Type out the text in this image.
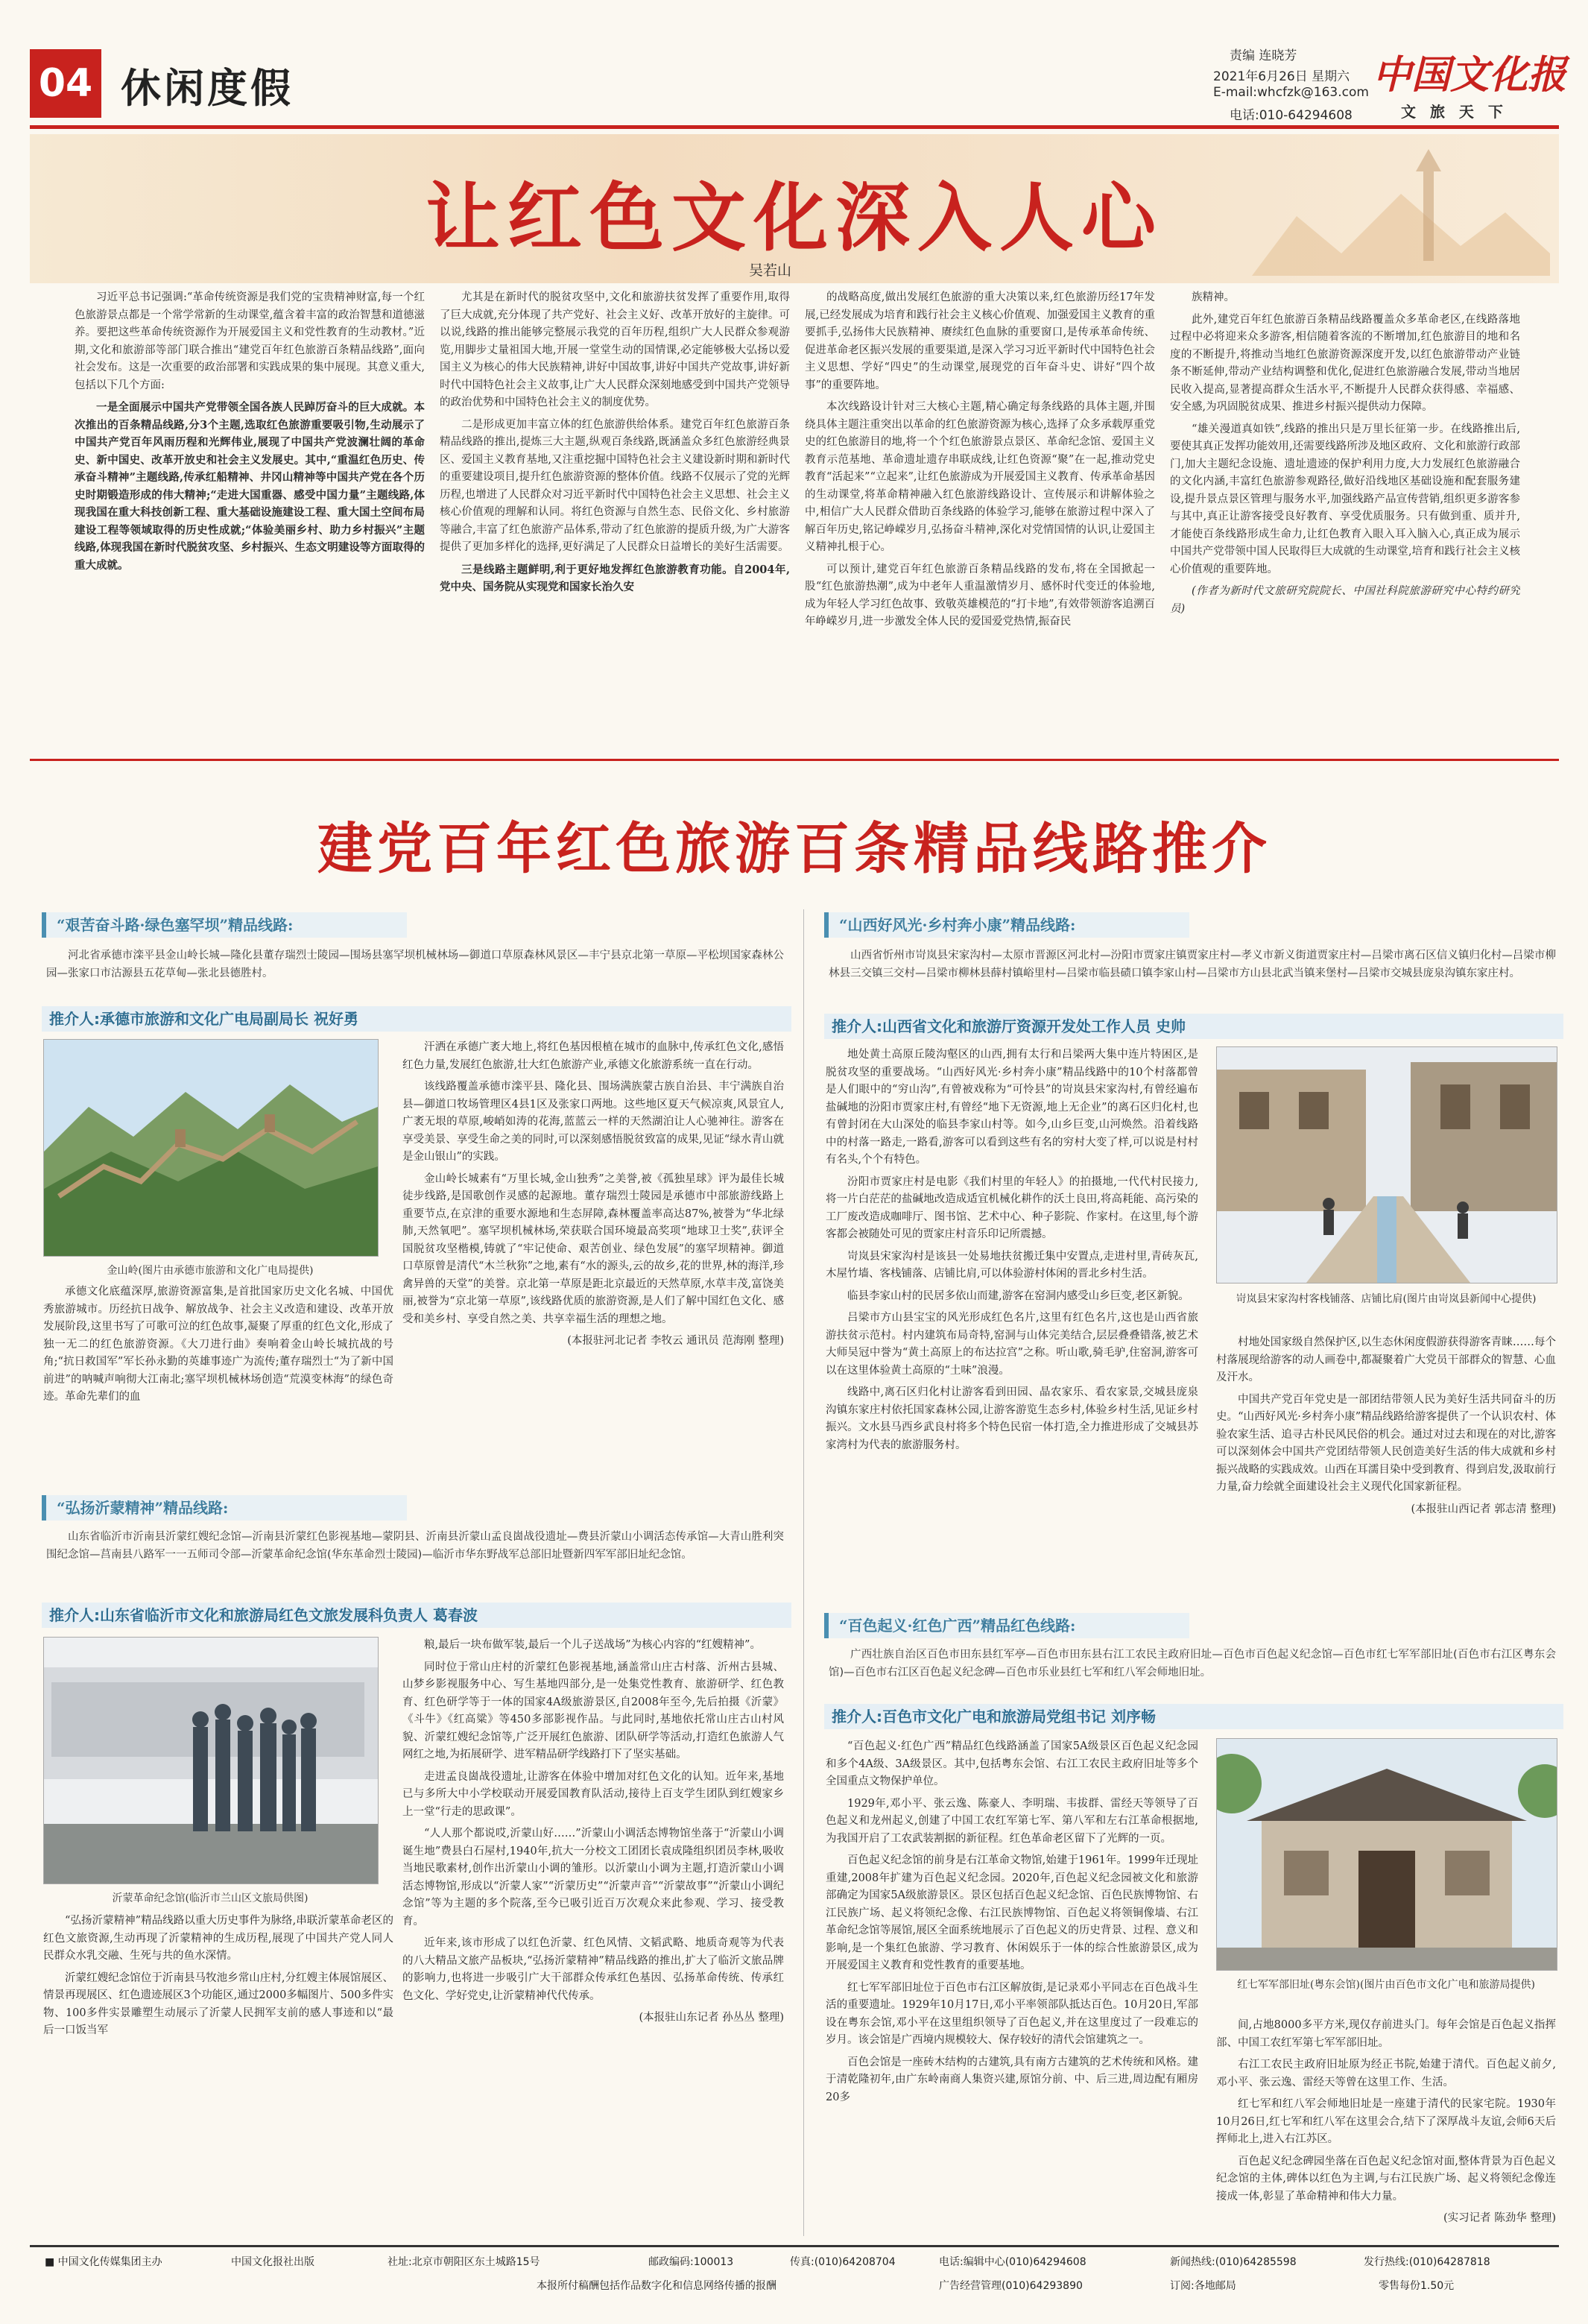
04 休闲度假
责编 连晓芳
2021年6月26日 星期六
E-mail:whcfzk@163.com
电话:010-64294608
中国文化报
文 旅 天 下
让红色文化深入人心
吴若山

习近平总书记强调:“革命传统资源是我们党的宝贵精神财富,每一个红色旅游景点都是一个常学常新的生动课堂,蕴含着丰富的政治智慧和道德滋养。要把这些革命传统资源作为开展爱国主义和党性教育的生动教材。”近期,文化和旅游部等部门联合推出“建党百年红色旅游百条精品线路”,面向社会发布。这是一次重要的政治部署和实践成果的集中展现。其意义重大,包括以下几个方面:

一是全面展示中国共产党带领全国各族人民踔厉奋斗的巨大成就。本次推出的百条精品线路,分3个主题,选取红色旅游重要吸引物,生动展示了中国共产党百年风雨历程和光辉伟业,展现了中国共产党波澜壮阔的革命史、新中国史、改革开放史和社会主义发展史。其中,“重温红色历史、传承奋斗精神”主题线路,传承红船精神、井冈山精神等中国共产党在各个历史时期锻造形成的伟大精神;“走进大国重器、感受中国力量”主题线路,体现我国在重大科技创新工程、重大基础设施建设工程、重大国土空间布局建设工程等领域取得的历史性成就;“体验美丽乡村、助力乡村振兴”主题线路,体现我国在新时代脱贫攻坚、乡村振兴、生态文明建设等方面取得的重大成就。

尤其是在新时代的脱贫攻坚中,文化和旅游扶贫发挥了重要作用,取得了巨大成就,充分体现了共产党好、社会主义好、改革开放好的主旋律。可以说,线路的推出能够完整展示我党的百年历程,组织广大人民群众参观游览,用脚步丈量祖国大地,开展一堂堂生动的国情课,必定能够极大弘扬以爱国主义为核心的伟大民族精神,讲好中国故事,讲好中国共产党故事,讲好新时代中国特色社会主义故事,让广大人民群众深刻地感受到中国共产党领导的政治优势和中国特色社会主义的制度优势。

二是形成更加丰富立体的红色旅游供给体系。建党百年红色旅游百条精品线路的推出,提炼三大主题,纵观百条线路,既涵盖众多红色旅游经典景区、爱国主义教育基地,又注重挖掘中国特色社会主义建设新时期和新时代的重要建设项目,提升红色旅游资源的整体价值。线路不仅展示了党的光辉历程,也增进了人民群众对习近平新时代中国特色社会主义思想、社会主义核心价值观的理解和认同。将红色资源与自然生态、民俗文化、乡村旅游等融合,丰富了红色旅游产品体系,带动了红色旅游的提质升级,为广大游客提供了更加多样化的选择,更好满足了人民群众日益增长的美好生活需要。

三是线路主题鲜明,利于更好地发挥红色旅游教育功能。自2004年,党中央、国务院从实现党和国家长治久安

的战略高度,做出发展红色旅游的重大决策以来,红色旅游历经17年发展,已经发展成为培育和践行社会主义核心价值观、加强爱国主义教育的重要抓手,弘扬伟大民族精神、赓续红色血脉的重要窗口,是传承革命传统、促进革命老区振兴发展的重要渠道,是深入学习习近平新时代中国特色社会主义思想、学好“四史”的生动课堂,展现党的百年奋斗史、讲好“四个故事”的重要阵地。

本次线路设计针对三大核心主题,精心确定每条线路的具体主题,并围绕具体主题注重突出以革命的红色旅游资源为核心,选择了众多承载厚重党史的红色旅游目的地,将一个个红色旅游景点景区、革命纪念馆、爱国主义教育示范基地、革命遗址遗存串联成线,让红色资源“聚”在一起,推动党史教育“活起来”“立起来”,让红色旅游成为开展爱国主义教育、传承革命基因的生动课堂,将革命精神融入红色旅游线路设计、宣传展示和讲解体验之中,相信广大人民群众借助百条线路的体验学习,能够在旅游过程中深入了解百年历史,铭记峥嵘岁月,弘扬奋斗精神,深化对党情国情的认识,让爱国主义精神扎根于心。

可以预计,建党百年红色旅游百条精品线路的发布,将在全国掀起一股“红色旅游热潮”,成为中老年人重温激情岁月、感怀时代变迁的体验地,成为年轻人学习红色故事、致敬英雄模范的“打卡地”,有效带领游客追溯百年峥嵘岁月,进一步激发全体人民的爱国爱党热情,振奋民

族精神。

此外,建党百年红色旅游百条精品线路覆盖众多革命老区,在线路落地过程中必将迎来众多游客,相信随着客流的不断增加,红色旅游目的地和名度的不断提升,将推动当地红色旅游资源深度开发,以红色旅游带动产业链条不断延伸,带动产业结构调整和优化,促进红色旅游融合发展,带动当地居民收入提高,显著提高群众生活水平,不断提升人民群众获得感、幸福感、安全感,为巩固脱贫成果、推进乡村振兴提供动力保障。

“雄关漫道真如铁”,线路的推出只是万里长征第一步。在线路推出后,要使其真正发挥功能效用,还需要线路所涉及地区政府、文化和旅游行政部门,加大主题纪念设施、遗址遗迹的保护利用力度,大力发展红色旅游融合的文化内涵,丰富红色旅游参观路径,做好沿线地区基础设施和配套服务建设,提升景点景区管理与服务水平,加强线路产品宣传营销,组织更多游客参与其中,真正让游客接受良好教育、享受优质服务。只有做到重、质并升,才能使百条线路形成生命力,让红色教育入眼入耳入脑入心,真正成为展示中国共产党带领中国人民取得巨大成就的生动课堂,培育和践行社会主义核心价值观的重要阵地。

(作者为新时代文旅研究院院长、中国社科院旅游研究中心特约研究员)

建党百年红色旅游百条精品线路推介
“艰苦奋斗路·绿色塞罕坝”精品线路:
河北省承德市滦平县金山岭长城—隆化县董存瑞烈士陵园—围场县塞罕坝机械林场—御道口草原森林风景区—丰宁县京北第一草原—平松坝国家森林公园—张家口市沽源县五花草甸—张北县德胜村。
推介人:承德市旅游和文化广电局副局长 祝好勇
金山岭(图片由承德市旅游和文化广电局提供)

承德文化底蕴深厚,旅游资源富集,是首批国家历史文化名城、中国优秀旅游城市。历经抗日战争、解放战争、社会主义改造和建设、改革开放发展阶段,这里书写了可歌可泣的红色故事,凝聚了厚重的红色文化,形成了独一无二的红色旅游资源。《大刀进行曲》奏响着金山岭长城抗战的号角;“抗日救国军”军长孙永勤的英雄事迹广为流传;董存瑞烈士“为了新中国前进”的呐喊声响彻大江南北;塞罕坝机械林场创造“荒漠变林海”的绿色奇迹。革命先辈们的血

汗洒在承德广袤大地上,将红色基因根植在城市的血脉中,传承红色文化,感悟红色力量,发展红色旅游,壮大红色旅游产业,承德文化旅游系统一直在行动。

该线路覆盖承德市滦平县、隆化县、围场满族蒙古族自治县、丰宁满族自治县—御道口牧场管理区4县1区及张家口两地。这些地区夏天气候凉爽,风景宜人,广袤无垠的草原,峻峭如涛的花海,蓝蓝云一样的天然湖泊让人心驰神往。游客在享受美景、享受生命之美的同时,可以深刻感悟脱贫致富的成果,见证“绿水青山就是金山银山”的实践。

金山岭长城素有“万里长城,金山独秀”之美誉,被《孤独星球》评为最佳长城徒步线路,是国歌创作灵感的起源地。董存瑞烈士陵园是承德市中部旅游线路上重要节点,在京津的重要水源地和生态屏障,森林覆盖率高达87%,被誉为“华北绿肺,天然氧吧”。塞罕坝机械林场,荣获联合国环境最高奖项“地球卫士奖”,获评全国脱贫攻坚楷模,铸就了“牢记使命、艰苦创业、绿色发展”的塞罕坝精神。御道口草原曾是清代“木兰秋狝”之地,素有“水的源头,云的故乡,花的世界,林的海洋,珍禽异兽的天堂”的美誉。京北第一草原是距北京最近的天然草原,水草丰茂,富饶美丽,被誉为“京北第一草原”,该线路优质的旅游资源,是人们了解中国红色文化、感受和美乡村、享受自然之美、共享幸福生活的理想之地。

(本报驻河北记者 李牧云 通讯员 范海刚 整理)

“弘扬沂蒙精神”精品线路:
山东省临沂市沂南县沂蒙红嫂纪念馆—沂南县沂蒙红色影视基地—蒙阴县、沂南县沂蒙山孟良崮战役遗址—费县沂蒙山小调活态传承馆—大青山胜利突围纪念馆—莒南县八路军一一五师司令部—沂蒙革命纪念馆(华东革命烈士陵园)—临沂市华东野战军总部旧址暨新四军军部旧址纪念馆。
推介人:山东省临沂市文化和旅游局红色文旅发展科负责人 葛春波
沂蒙革命纪念馆(临沂市兰山区文旅局供图)

“弘扬沂蒙精神”精品线路以重大历史事件为脉络,串联沂蒙革命老区的红色文旅资源,生动再现了沂蒙精神的生成历程,展现了中国共产党人同人民群众水乳交融、生死与共的鱼水深情。

沂蒙红嫂纪念馆位于沂南县马牧池乡常山庄村,分红嫂主体展馆展区、情景再现展区、红色遗迹展区3个功能区,通过2000多幅图片、500多件实物、100多件实景雕塑生动展示了沂蒙人民拥军支前的感人事迹和以“最后一口饭当军

粮,最后一块布做军装,最后一个儿子送战场”为核心内容的“红嫂精神”。

同时位于常山庄村的沂蒙红色影视基地,涵盖常山庄古村落、沂州古县城、山梦乡影视服务中心、写生基地四部分,是一处集党性教育、旅游研学、红色教育、红色研学等于一体的国家4A级旅游景区,自2008年至今,先后拍摄《沂蒙》《斗牛》《红高粱》等450多部影视作品。与此同时,基地依托常山庄古山村风貌、沂蒙红嫂纪念馆等,广泛开展红色旅游、团队研学等活动,打造红色旅游人气网红之地,为拓展研学、进军精品研学线路打下了坚实基础。

走进孟良崮战役遗址,让游客在体验中增加对红色文化的认知。近年来,基地已与多所大中小学校联动开展爱国教育队活动,接待上百支学生团队到红嫂家乡上一堂“行走的思政课”。

“人人那个都说哎,沂蒙山好……”沂蒙山小调活态博物馆坐落于“沂蒙山小调诞生地”费县白石屋村,1940年,抗大一分校文工团团长袁成隆组织团员李林,吸收当地民歌素材,创作出沂蒙山小调的雏形。以沂蒙山小调为主题,打造沂蒙山小调活态博物馆,形成以“沂蒙人家”“沂蒙历史”“沂蒙声音”“沂蒙故事”“沂蒙山小调纪念馆”等为主题的多个院落,至今已吸引近百万次观众来此参观、学习、接受教育。

近年来,该市形成了以红色沂蒙、红色风情、文韬武略、地质奇观等为代表的八大精品文旅产品板块,“弘扬沂蒙精神”精品线路的推出,扩大了临沂文旅品牌的影响力,也将进一步吸引广大干部群众传承红色基因、弘扬革命传统、传承红色文化、学好党史,让沂蒙精神代代传承。

(本报驻山东记者 孙丛丛 整理)

“山西好风光·乡村奔小康”精品线路:
山西省忻州市岢岚县宋家沟村—太原市晋源区河北村—汾阳市贾家庄镇贾家庄村—孝义市新义街道贾家庄村—吕梁市离石区信义镇归化村—吕梁市柳林县三交镇三交村—吕梁市柳林县薛村镇峪里村—吕梁市临县碛口镇李家山村—吕梁市方山县北武当镇来堡村—吕梁市交城县庞泉沟镇东家庄村。
推介人:山西省文化和旅游厅资源开发处工作人员 史帅

地处黄土高原丘陵沟壑区的山西,拥有太行和吕梁两大集中连片特困区,是脱贫攻坚的重要战场。“山西好风光·乡村奔小康”精品线路中的10个村落都曾是人们眼中的“穷山沟”,有曾被戏称为“可怜县”的岢岚县宋家沟村,有曾经遍布盐碱地的汾阳市贾家庄村,有曾经“地下无资源,地上无企业”的离石区归化村,也有曾封闭在大山深处的临县李家山村等。如今,山乡巨变,山河焕然。沿着线路中的村落一路走,一路看,游客可以看到这些有名的穷村大变了样,可以说是村村有名头,个个有特色。

汾阳市贾家庄村是电影《我们村里的年轻人》的拍摄地,一代代村民接力,将一片白茫茫的盐碱地改造成适宜机械化耕作的沃土良田,将高耗能、高污染的工厂废改造成咖啡厅、图书馆、艺术中心、种子影院、作家村。在这里,每个游客都会被随处可见的贾家庄村音乐印记所震撼。

岢岚县宋家沟村是该县一处易地扶贫搬迁集中安置点,走进村里,青砖灰瓦,木屋竹墙、客栈铺落、店铺比肩,可以体验游村体闲的晋北乡村生活。

临县李家山村的民居多依山而建,游客在窑洞内感受山乡巨变,老区新貌。

吕梁市方山县宝宝的风光形成红色名片,这里有红色名片,这也是山西省旅游扶贫示范村。村内建筑布局奇特,窑洞与山体完美结合,层层叠叠错落,被艺术大师吴冠中誉为“黄土高原上的布达拉宫”之称。听山歌,骑毛驴,住窑洞,游客可以在这里体验黄土高原的“土味”浪漫。

线路中,离石区归化村让游客看到田园、晶农家乐、看农家景,交城县庞泉沟镇东家庄村依托国家森林公园,让游客游览生态乡村,体验乡村生活,见证乡村振兴。文水县马西乡武良村将多个特色民宿一体打造,全力推进形成了交城县苏家湾村为代表的旅游服务村。

岢岚县宋家沟村客栈铺落、店铺比肩(图片由岢岚县新闻中心提供)

村地处国家级自然保护区,以生态休闲度假游获得游客青睐……每个村落展现给游客的动人画卷中,都凝聚着广大党员干部群众的智慧、心血及汗水。

中国共产党百年党史是一部团结带领人民为美好生活共同奋斗的历史。“山西好风光·乡村奔小康”精品线路给游客提供了一个认识农村、体验农家生活、追寻古朴民风民俗的机会。通过对过去和现在的对比,游客可以深刻体会中国共产党团结带领人民创造美好生活的伟大成就和乡村振兴战略的实践成效。山西在耳濡目染中受到教育、得到启发,汲取前行力量,奋力绘就全面建设社会主义现代化国家新征程。

(本报驻山西记者 郭志清 整理)

“百色起义·红色广西”精品红色线路:
广西壮族自治区百色市田东县红军亭—百色市田东县右江工农民主政府旧址—百色市百色起义纪念馆—百色市红七军军部旧址(百色市右江区粤东会馆)—百色市右江区百色起义纪念碑—百色市乐业县红七军和红八军会师地旧址。
推介人:百色市文化广电和旅游局党组书记 刘序畅

“百色起义·红色广西”精品红色线路涵盖了国家5A级景区百色起义纪念园和多个4A级、3A级景区。其中,包括粤东会馆、右江工农民主政府旧址等多个全国重点文物保护单位。

1929年,邓小平、张云逸、陈豪人、李明瑞、韦拔群、雷经天等领导了百色起义和龙州起义,创建了中国工农红军第七军、第八军和左右江革命根据地,为我国开启了工农武装割据的新征程。红色革命老区留下了光辉的一页。

百色起义纪念馆的前身是右江革命文物馆,始建于1961年。1999年迁现址重建,2008年扩建为百色起义纪念园。2020年,百色起义纪念园被文化和旅游部确定为国家5A级旅游景区。景区包括百色起义纪念馆、百色民族博物馆、右江民族广场、起义将领纪念像、右江民族博物馆、百色起义将领铜像墙、右江革命纪念馆等展馆,展区全面系统地展示了百色起义的历史背景、过程、意义和影响,是一个集红色旅游、学习教育、休闲娱乐于一体的综合性旅游景区,成为开展爱国主义教育和党性教育的重要基地。

红七军军部旧址位于百色市右江区解放街,是记录邓小平同志在百色战斗生活的重要遗址。1929年10月17日,邓小平率领部队抵达百色。10月20日,军部设在粤东会馆,邓小平在这里组织领导了百色起义,并在这里度过了一段难忘的岁月。该会馆是广西境内规模较大、保存较好的清代会馆建筑之一。

百色会馆是一座砖木结构的古建筑,具有南方古建筑的艺术传统和风格。建于清乾隆初年,由广东岭南商人集资兴建,原馆分前、中、后三进,周边配有厢房20多

红七军军部旧址(粤东会馆)(图片由百色市文化广电和旅游局提供)

间,占地8000多平方米,现仅存前进头门。每年会馆是百色起义指挥部、中国工农红军第七军军部旧址。

右江工农民主政府旧址原为经正书院,始建于清代。百色起义前夕,邓小平、张云逸、雷经天等曾在这里工作、生活。

红七军和红八军会师地旧址是一座建于清代的民家宅院。1930年10月26日,红七军和红八军在这里会合,结下了深厚战斗友谊,会师6天后挥师北上,进入右江苏区。

百色起义纪念碑园坐落在百色起义纪念馆对面,整体背景为百色起义纪念馆的主体,碑体以红色为主调,与右江民族广场、起义将领纪念像连接成一体,彰显了革命精神和伟大力量。

(实习记者 陈劲华 整理)

■ 中国文化传媒集团主办	中国文化报社出版	社址:北京市朝阳区东土城路15号	邮政编码:100013	传真:(010)64208704	电话:编辑中心(010)64294608	新闻热线:(010)64285598	发行热线:(010)64287818
本报所付稿酬包括作品数字化和信息网络传播的报酬	广告经营管理(010)64293890	订阅:各地邮局	零售每份1.50元
